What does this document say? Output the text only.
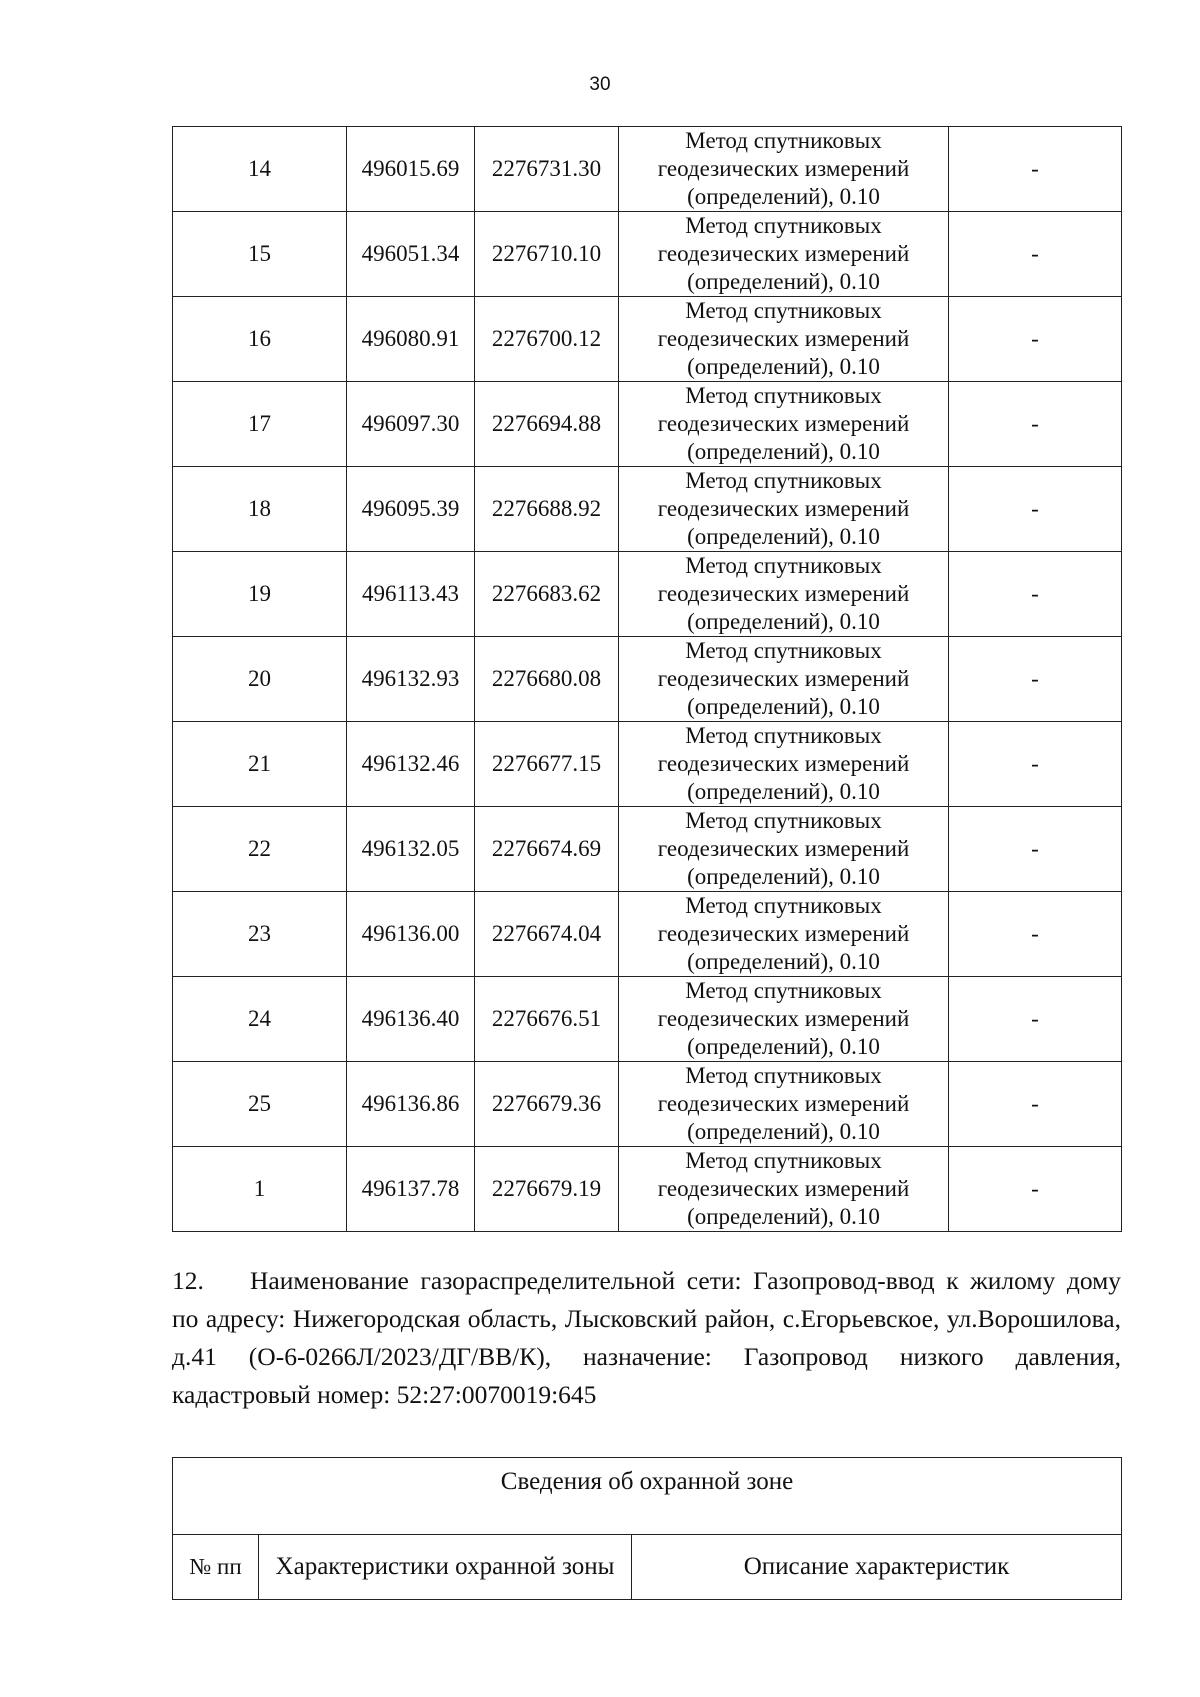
30
14	496015.69	2276731.30	Метод спутниковых
геодезических измерений
(определений), 0.10	-
15	496051.34	2276710.10	Метод спутниковых
геодезических измерений
(определений), 0.10	-
16	496080.91	2276700.12	Метод спутниковых
геодезических измерений
(определений), 0.10	-
17	496097.30	2276694.88	Метод спутниковых
геодезических измерений
(определений), 0.10	-
18	496095.39	2276688.92	Метод спутниковых
геодезических измерений
(определений), 0.10	-
19	496113.43	2276683.62	Метод спутниковых
геодезических измерений
(определений), 0.10	-
20	496132.93	2276680.08	Метод спутниковых
геодезических измерений
(определений), 0.10	-
21	496132.46	2276677.15	Метод спутниковых
геодезических измерений
(определений), 0.10	-
22	496132.05	2276674.69	Метод спутниковых
геодезических измерений
(определений), 0.10	-
23	496136.00	2276674.04	Метод спутниковых
геодезических измерений
(определений), 0.10	-
24	496136.40	2276676.51	Метод спутниковых
геодезических измерений
(определений), 0.10	-
25	496136.86	2276679.36	Метод спутниковых
геодезических измерений
(определений), 0.10	-
1	496137.78	2276679.19	Метод спутниковых
геодезических измерений
(определений), 0.10	-
12. Наименование газораспределительной сети: Газопровод-ввод к жилому дому по адресу: Нижегородская область, Лысковский район, с.Егорьевское, ул.Ворошилова, д.41 (О-6-0266Л/2023/ДГ/ВВ/К), назначение: Газопровод низкого давления, кадастровый номер: 52:27:0070019:645
Сведения об охранной зоне
№ пп	Характеристики охранной зоны	Описание характеристик
